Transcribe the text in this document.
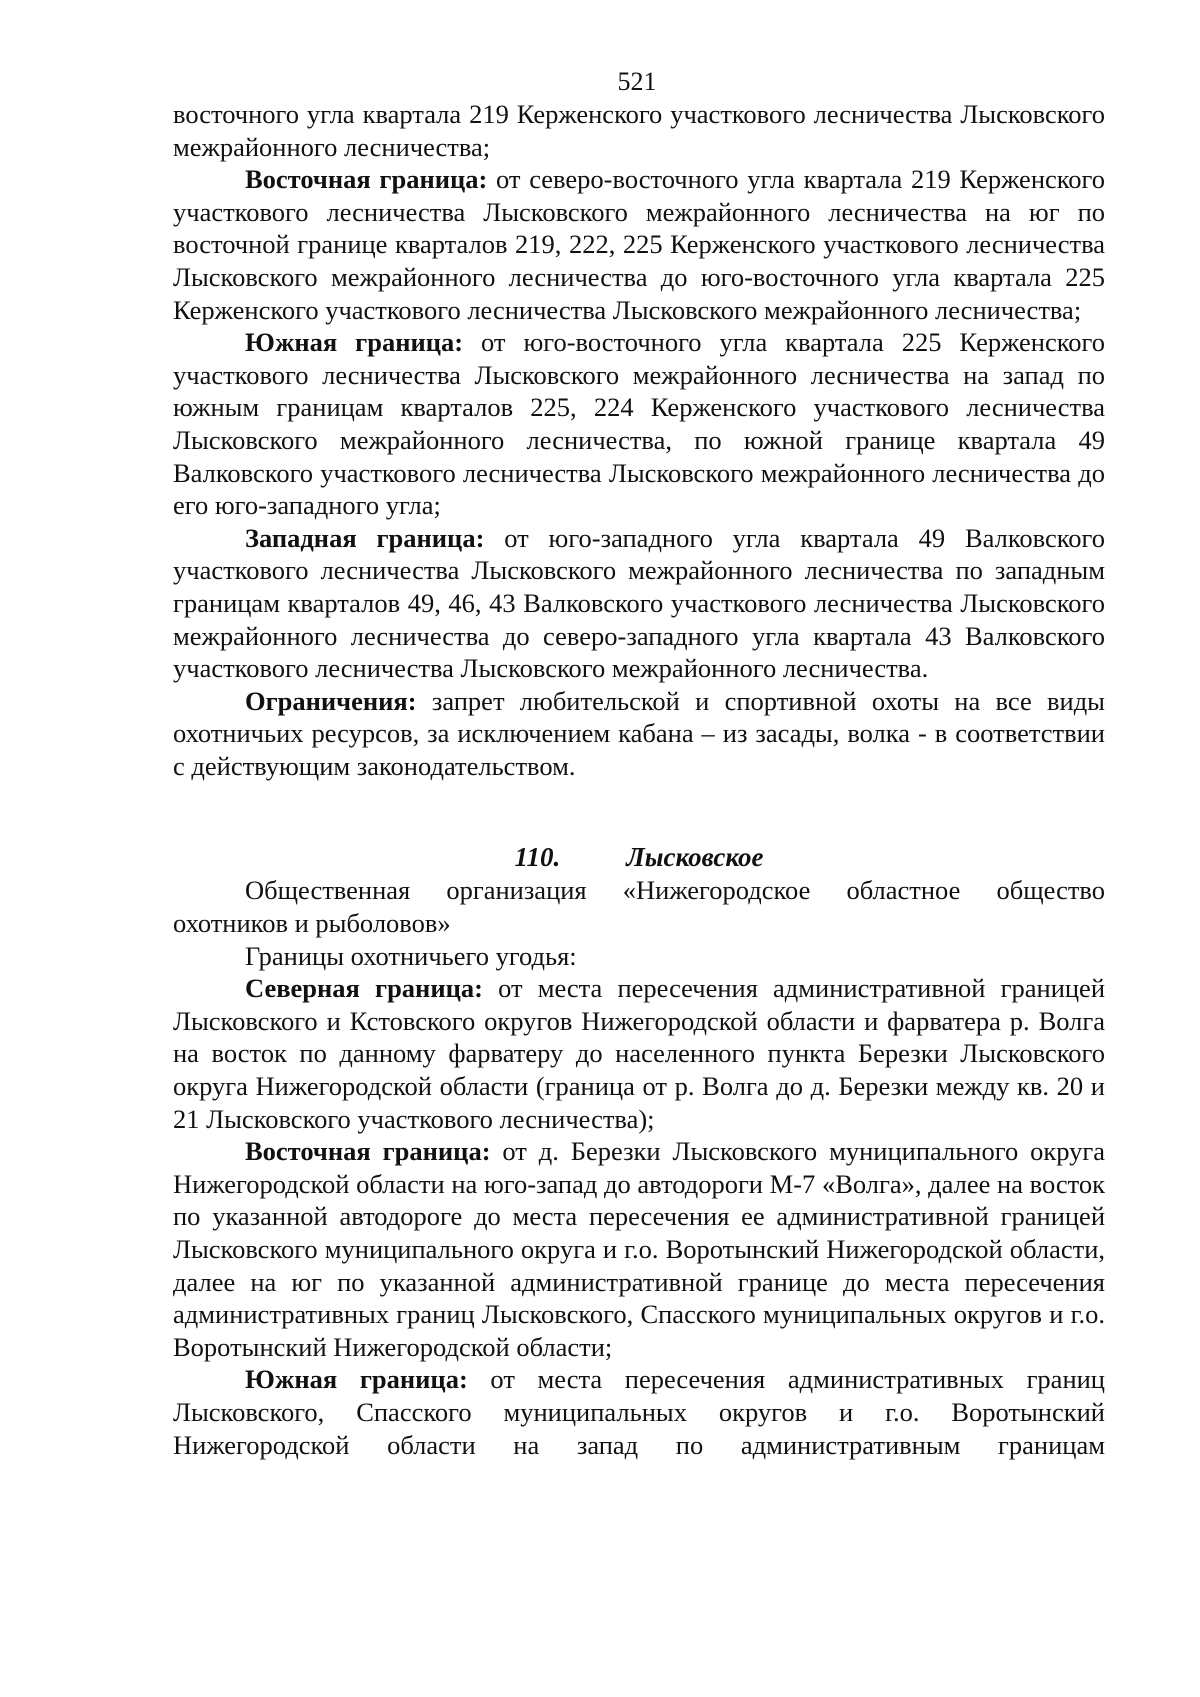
521

восточного угла квартала 219 Керженского участкового лесничества Лысковского межрайонного лесничества;

Восточная граница: от северо-восточного угла квартала 219 Керженского участкового лесничества Лысковского межрайонного лесничества на юг по восточной границе кварталов 219, 222, 225 Керженского участкового лесничества Лысковского межрайонного лесничества до юго-восточного угла квартала 225 Керженского участкового лесничества Лысковского межрайонного лесничества;

Южная граница: от юго-восточного угла квартала 225 Керженского участкового лесничества Лысковского межрайонного лесничества на запад по южным границам кварталов 225, 224 Керженского участкового лесничества Лысковского межрайонного лесничества, по южной границе квартала 49 Валковского участкового лесничества Лысковского межрайонного лесничества до его юго-западного угла;

Западная граница: от юго-западного угла квартала 49 Валковского участкового лесничества Лысковского межрайонного лесничества по западным границам кварталов 49, 46, 43 Валковского участкового лесничества Лысковского межрайонного лесничества до северо-западного угла квартала 43 Валковского участкового лесничества Лысковского межрайонного лесничества.

Ограничения: запрет любительской и спортивной охоты на все виды охотничьих ресурсов, за исключением кабана – из засады, волка - в соответствии с действующим законодательством.

110. Лысковское

Общественная организация «Нижегородское областное общество охотников и рыболовов»

Границы охотничьего угодья:

Северная граница: от места пересечения административной границей Лысковского и Кстовского округов Нижегородской области и фарватера р. Волга на восток по данному фарватеру до населенного пункта Березки Лысковского округа Нижегородской области (граница от р. Волга до д. Березки между кв. 20 и 21 Лысковского участкового лесничества);

Восточная граница: от д. Березки Лысковского муниципального округа Нижегородской области на юго-запад до автодороги М-7 «Волга», далее на восток по указанной автодороге до места пересечения ее административной границей Лысковского муниципального округа и г.о. Воротынский Нижегородской области, далее на юг по указанной административной границе до места пересечения административных границ Лысковского, Спасского муниципальных округов и г.о. Воротынский Нижегородской области;

Южная граница: от места пересечения административных границ Лысковского, Спасского муниципальных округов и г.о. Воротынский Нижегородской области на запад по административным границам
